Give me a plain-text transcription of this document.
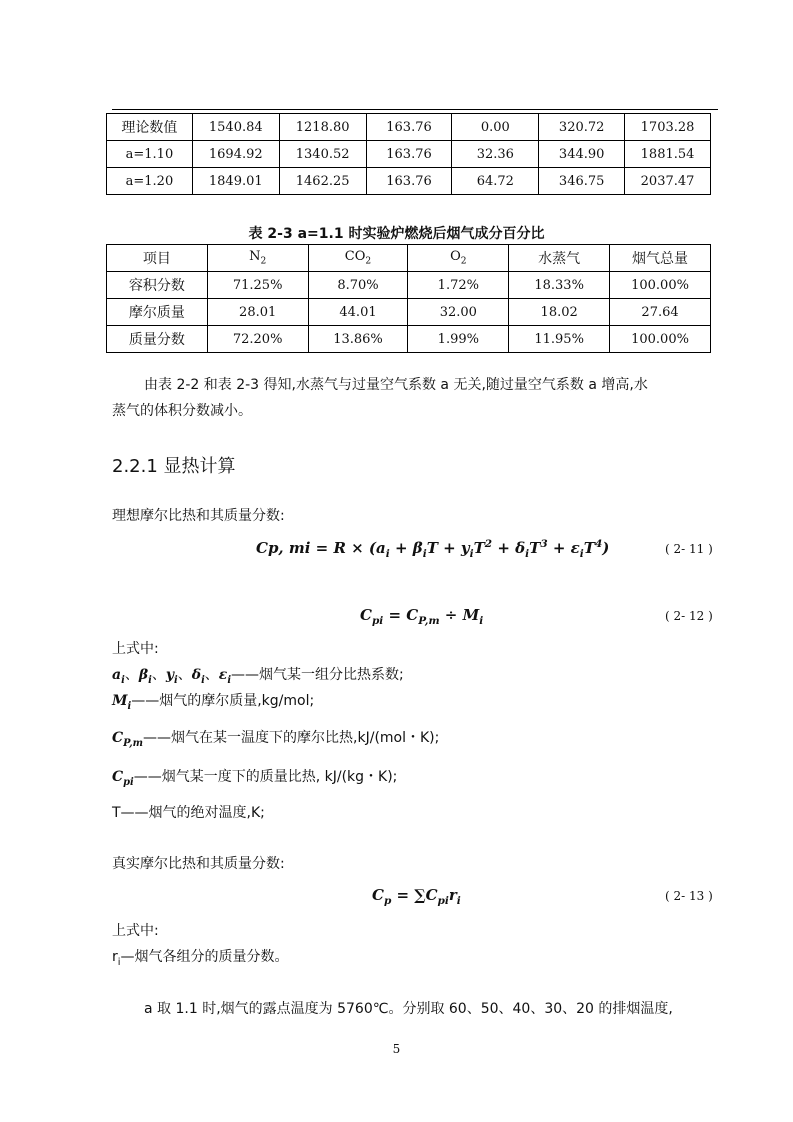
理论数值	1540.84	1218.80	163.76	0.00	320.72	1703.28
a=1.10	1694.92	1340.52	163.76	32.36	344.90	1881.54
a=1.20	1849.01	1462.25	163.76	64.72	346.75	2037.47
表 2-3 a=1.1 时实验炉燃烧后烟气成分百分比
项目	$N_2$	$CO_2$	$O_2$	水蒸气	烟气总量
容积分数	71.25%	8.70%	1.72%	18.33%	100.00%
摩尔质量	28.01	44.01	32.00	18.02	27.64
质量分数	72.20%	13.86%	1.99%	11.95%	100.00%
由表 2-2 和表 2-3 得知,水蒸气与过量空气系数 a 无关,随过量空气系数 a 增高,水
蒸气的体积分数减小。
2.2.1 显热计算
理想摩尔比热和其质量分数:
Cp, mi = $R \times (a_i + \beta_iT + y_iT^2 + \delta_iT^3 + \varepsilon_iT^4)$	( 2- 11 )
$C_{pi} = C_{P,m} \div M_i$	( 2- 12 )
上式中:
$a_i$、$\beta_i$、$y_i$、$\delta_i$、$\varepsilon_i——$烟气某一组分比热系数;
$M_i——$烟气的摩尔质量,kg/mol;
$C_{P,m}——$烟气在某一温度下的摩尔比热,kJ/(mol・K);
$C_{pi}——$烟气某一度下的质量比热, kJ/(kg・K);
T——烟气的绝对温度,K;
真实摩尔比热和其质量分数:
$C_p = \sum C_{pi}r_i$	( 2- 13 )
上式中:
$r_i—$烟气各组分的质量分数。
a 取 1.1 时,烟气的露点温度为 5760℃。分别取 60、50、40、30、20 的排烟温度,
5
